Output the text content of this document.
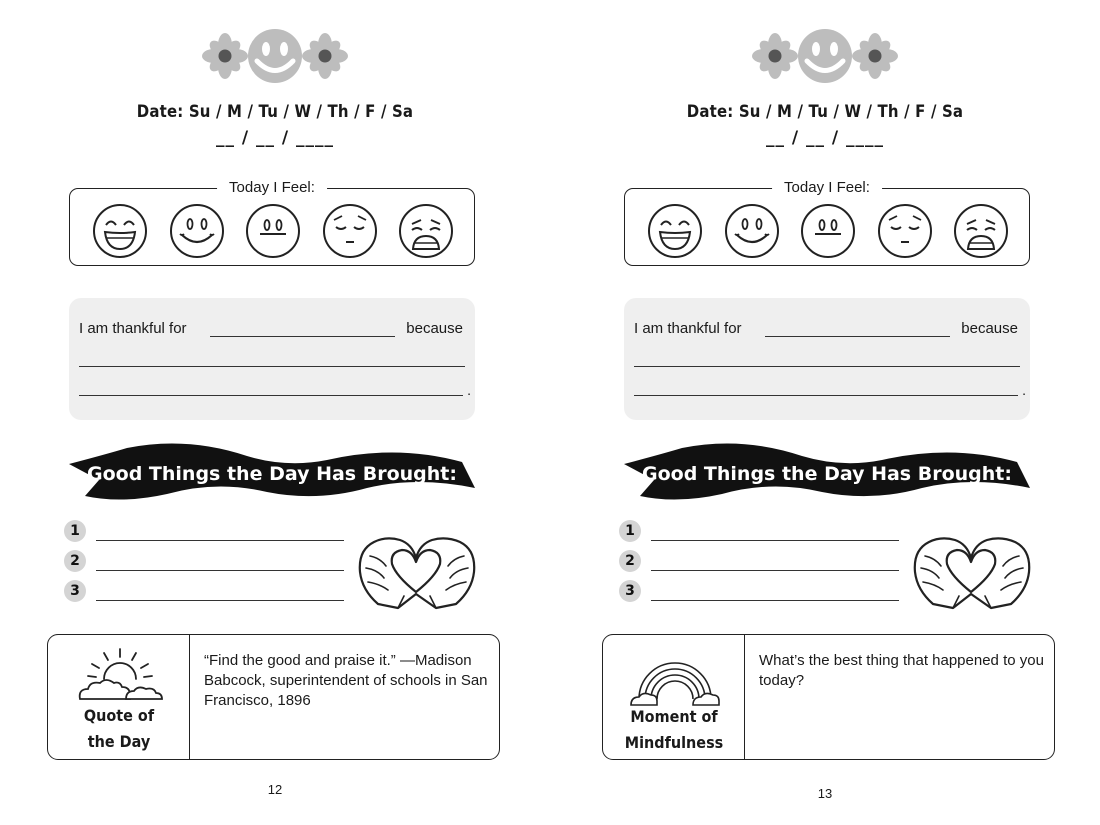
Date: Su / M / Tu / W / Th / F / Sa
__ / __ / ____
Today I Feel:
I am thankful for	because
.
Good Things the Day Has Brought:
1
2
3
Quote of
the Day
“Find the good and praise it.” —Madison Babcock, superintendent of schools in San Francisco, 1896
12
Date: Su / M / Tu / W / Th / F / Sa
__ / __ / ____
Today I Feel:
I am thankful for	because
.
Good Things the Day Has Brought:
1
2
3
Moment of
Mindfulness
What’s the best thing that happened to you today?
13
